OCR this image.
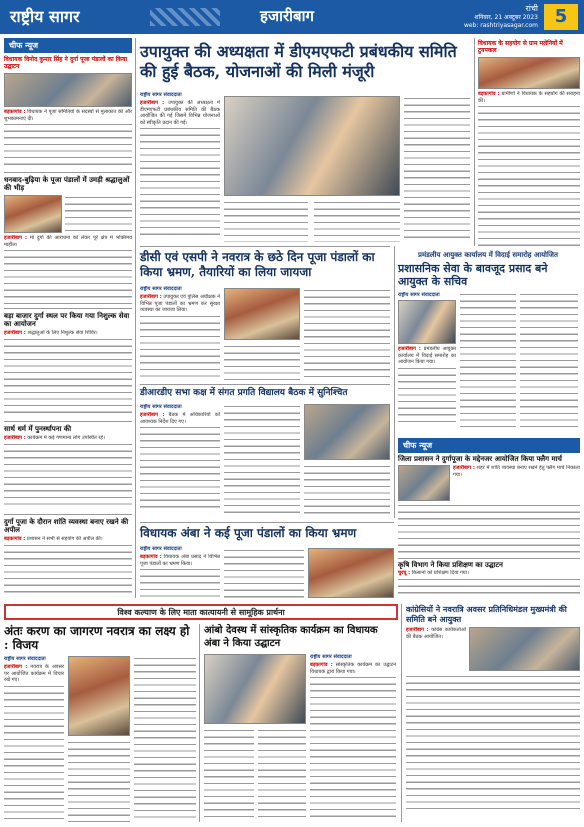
राष्ट्रीय सागर	हजारीबाग	रांची
शनिवार, 21 अक्टूबर 2023
web: rashtriyasagar.com 5
चीफ न्यूज
विधायक विनोद कुमार सिंह ने दुर्गा पूजा पंडालों का किया उद्घाटन
बड़कागांव : विधायक ने पूजा समितियों के सदस्यों से मुलाकात की और शुभकामनाएं दीं।
धनबाद-बुढ़िया के पूजा पंडालों में उमड़ी श्रद्धालुओं की भीड़
हजारीबाग : मां दुर्गा की आराधना को लेकर पूरे क्षेत्र में भक्तिमय माहौल।
बड़ा बाजार दुर्गा स्थल पर किया गया निशुल्क सेवा का आयोजन
हजारीबाग : श्रद्धालुओं के लिए निशुल्क सेवा शिविर।
सार्थ धर्म में पुनर्स्थापना की
हजारीबाग : कार्यक्रम में कई गणमान्य लोग उपस्थित रहे।
दुर्गा पूजा के दौरान शांति व्यवस्था बनाए रखने की अपील
बड़कागांव : प्रशासन ने सभी से सहयोग की अपील की।
उपायुक्त की अध्यक्षता में डीएमएफटी प्रबंधकीय समिति की हुई बैठक, योजनाओं की मिली मंजूरी
राष्ट्रीय सागर संवाददाता
हजारीबाग : उपायुक्त की अध्यक्षता में डीएमएफटी प्रबंधकीय समिति की बैठक आयोजित की गई जिसमें विभिन्न योजनाओं को स्वीकृति प्रदान की गई।
डीसी एवं एसपी ने नवरात्र के छठे दिन पूजा पंडालों का किया भ्रमण, तैयारियों का लिया जायजा
राष्ट्रीय सागर संवाददाता
हजारीबाग : उपायुक्त एवं पुलिस अधीक्षक ने विभिन्न पूजा पंडालों का भ्रमण कर सुरक्षा व्यवस्था का जायजा लिया।
डीआरडीए सभा कक्ष में संगत प्रगति विद्यालय बैठक में सुनिश्चित
राष्ट्रीय सागर संवाददाता
हजारीबाग : बैठक में अधिकारियों को आवश्यक निर्देश दिए गए।
प्रमंडलीय आयुक्त कार्यालय में विदाई समारोह आयोजित
प्रशासनिक सेवा के बावजूद प्रसाद बने आयुक्त के सचिव
राष्ट्रीय सागर संवाददाता
हजारीबाग : प्रमंडलीय आयुक्त कार्यालय में विदाई समारोह का आयोजन किया गया।
विधायक के सहयोग से ग्राम मलेनियों में टुयपकल
बड़कागांव : ग्रामीणों ने विधायक के सहयोग की सराहना की।
चीफ न्यूज
जिला प्रशासन ने दुर्गापूजा के मद्देनजर आयोजित किया फ्लैग मार्च
हजारीबाग : शहर में शांति व्यवस्था बनाए रखने हेतु फ्लैग मार्च निकाला गया।
कृषि विभाग ने किया प्रशिक्षण का उद्घाटन
चुरचू : किसानों को प्रशिक्षण दिया गया।
विधायक अंबा ने कई पूजा पंडालों का किया भ्रमण
राष्ट्रीय सागर संवाददाता
बड़कागांव : विधायक अंबा प्रसाद ने विभिन्न पूजा पंडालों का भ्रमण किया।
विश्व कल्याण के लिए माता कात्यायनी से सामूहिक प्रार्थना
अंतः करण का जागरण नवरात्र का लक्ष्य हो : विजय
राष्ट्रीय सागर संवाददाता
हजारीबाग : नवरात्र के अवसर पर आयोजित कार्यक्रम में विचार रखे गए।
आंबो देवस्थ में सांस्कृतिक कार्यक्रम का विधायक अंबा ने किया उद्घाटन
राष्ट्रीय सागर संवाददाता
बड़कागांव : सांस्कृतिक कार्यक्रम का उद्घाटन विधायक द्वारा किया गया।
कांग्रेसियों ने नवरात्रि अवसर प्रतिनिधिमंडल मुख्यमंत्री की समिति बने आयुक्त
हजारीबाग : कांग्रेस कार्यकर्ताओं की बैठक आयोजित।
